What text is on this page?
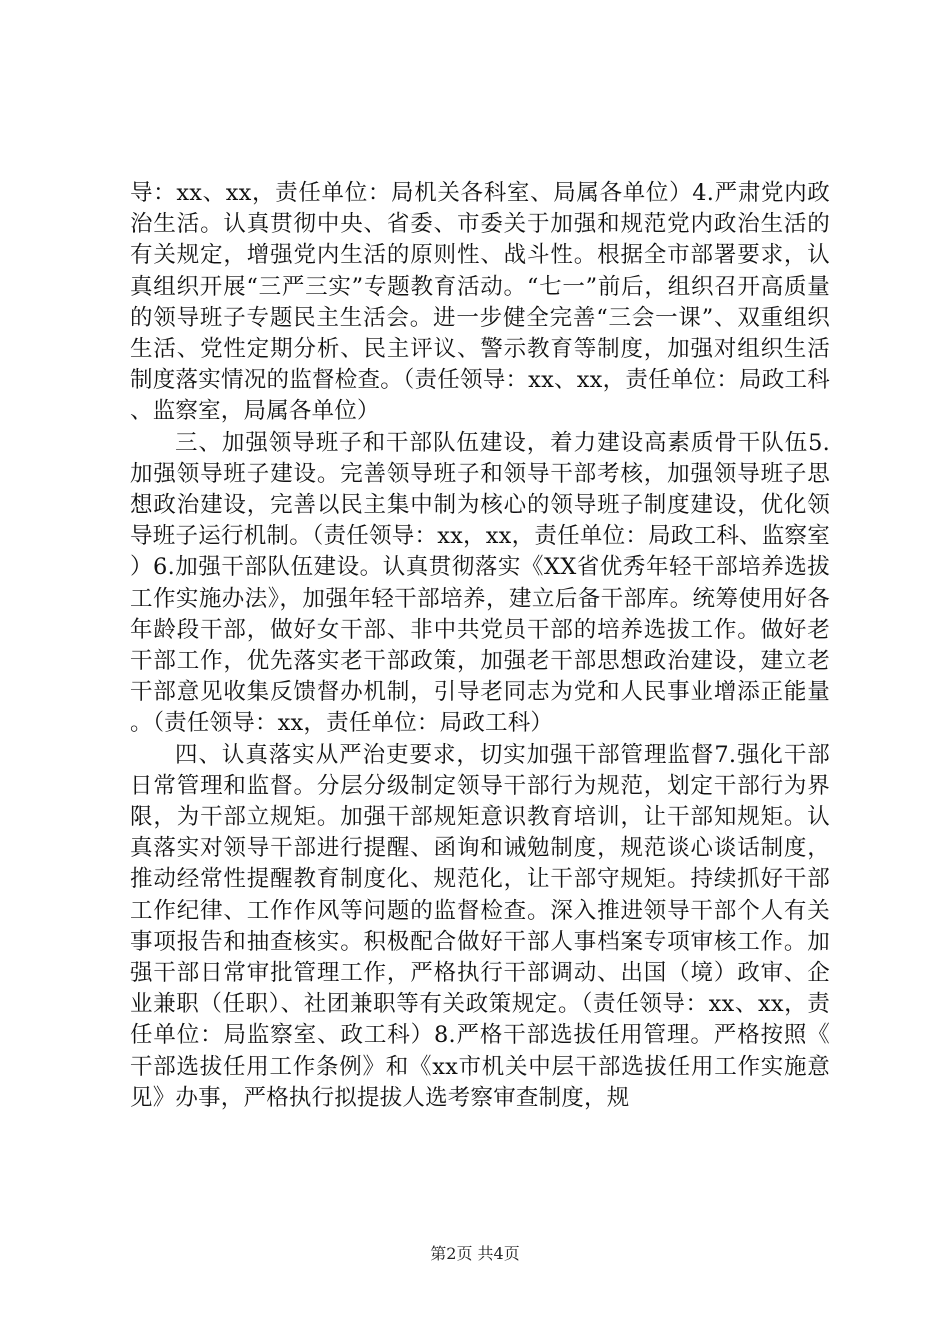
导：xx、xx，责任单位：局机关各科室、局属各单位）4.严肃党内政治生活。认真贯彻中央、省委、市委关于加强和规范党内政治生活的有关规定，增强党内生活的原则性、战斗性。根据全市部署要求，认真组织开展“三严三实”专题教育活动。“七一”前后，组织召开高质量的领导班子专题民主生活会。进一步健全完善“三会一课”、双重组织生活、党性定期分析、民主评议、警示教育等制度，加强对组织生活制度落实情况的监督检查。（责任领导：xx、xx，责任单位：局政工科、监察室，局属各单位）

三、加强领导班子和干部队伍建设，着力建设高素质骨干队伍5.加强领导班子建设。完善领导班子和领导干部考核，加强领导班子思想政治建设，完善以民主集中制为核心的领导班子制度建设，优化领导班子运行机制。（责任领导：xx，xx，责任单位：局政工科、监察室）6.加强干部队伍建设。认真贯彻落实《XX省优秀年轻干部培养选拔工作实施办法》，加强年轻干部培养，建立后备干部库。统筹使用好各年龄段干部，做好女干部、非中共党员干部的培养选拔工作。做好老干部工作，优先落实老干部政策，加强老干部思想政治建设，建立老干部意见收集反馈督办机制，引导老同志为党和人民事业增添正能量。（责任领导：xx，责任单位：局政工科）

四、认真落实从严治吏要求，切实加强干部管理监督7.强化干部日常管理和监督。分层分级制定领导干部行为规范，划定干部行为界限，为干部立规矩。加强干部规矩意识教育培训，让干部知规矩。认真落实对领导干部进行提醒、函询和诫勉制度，规范谈心谈话制度，推动经常性提醒教育制度化、规范化，让干部守规矩。持续抓好干部工作纪律、工作作风等问题的监督检查。深入推进领导干部个人有关事项报告和抽查核实。积极配合做好干部人事档案专项审核工作。加强干部日常审批管理工作，严格执行干部调动、出国（境）政审、企业兼职（任职）、社团兼职等有关政策规定。（责任领导：xx、xx，责任单位：局监察室、政工科）8.严格干部选拔任用管理。严格按照《干部选拔任用工作条例》和《xx市机关中层干部选拔任用工作实施意见》办事，严格执行拟提拔人选考察审查制度，规

第2页 共4页
